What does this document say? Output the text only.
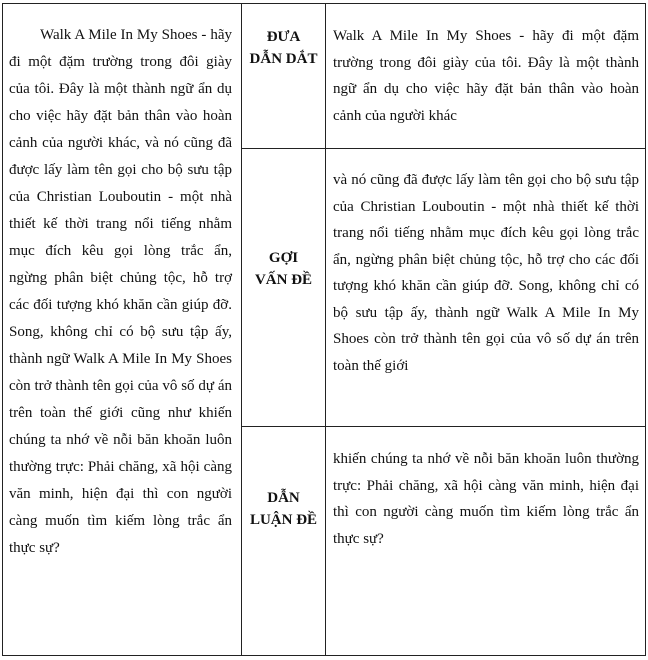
Walk A Mile In My Shoes - hãy đi một đặm trường trong đôi giày của tôi. Đây là một thành ngữ ẩn dụ cho việc hãy đặt bản thân vào hoàn cảnh của người khác, và nó cũng đã được lấy làm tên gọi cho bộ sưu tập của Christian Louboutin - một nhà thiết kế thời trang nổi tiếng nhằm mục đích kêu gọi lòng trắc ẩn, ngừng phân biệt chủng tộc, hỗ trợ các đối tượng khó khăn cần giúp đỡ. Song, không chỉ có bộ sưu tập ấy, thành ngữ Walk A Mile In My Shoes còn trở thành tên gọi của vô số dự án trên toàn thế giới cũng như khiến chúng ta nhớ về nỗi băn khoăn luôn thường trực: Phải chăng, xã hội càng văn minh, hiện đại thì con người càng muốn tìm kiếm lòng trắc ẩn thực sự?

ĐƯA

DẪN DẮT

Walk A Mile In My Shoes - hãy đi một đặm trường trong đôi giày của tôi. Đây là một thành ngữ ẩn dụ cho việc hãy đặt bản thân vào hoàn cảnh của người khác

GỢI

VẤN ĐỀ

và nó cũng đã được lấy làm tên gọi cho bộ sưu tập của Christian Louboutin - một nhà thiết kế thời trang nổi tiếng nhằm mục đích kêu gọi lòng trắc ẩn, ngừng phân biệt chủng tộc, hỗ trợ cho các đối tượng khó khăn cần giúp đỡ. Song, không chỉ có bộ sưu tập ấy, thành ngữ Walk A Mile In My Shoes còn trở thành tên gọi của vô số dự án trên toàn thế giới

DẪN

LUẬN ĐỀ

khiến chúng ta nhớ về nỗi băn khoăn luôn thường trực: Phải chăng, xã hội càng văn minh, hiện đại thì con người càng muốn tìm kiếm lòng trắc ẩn thực sự?
